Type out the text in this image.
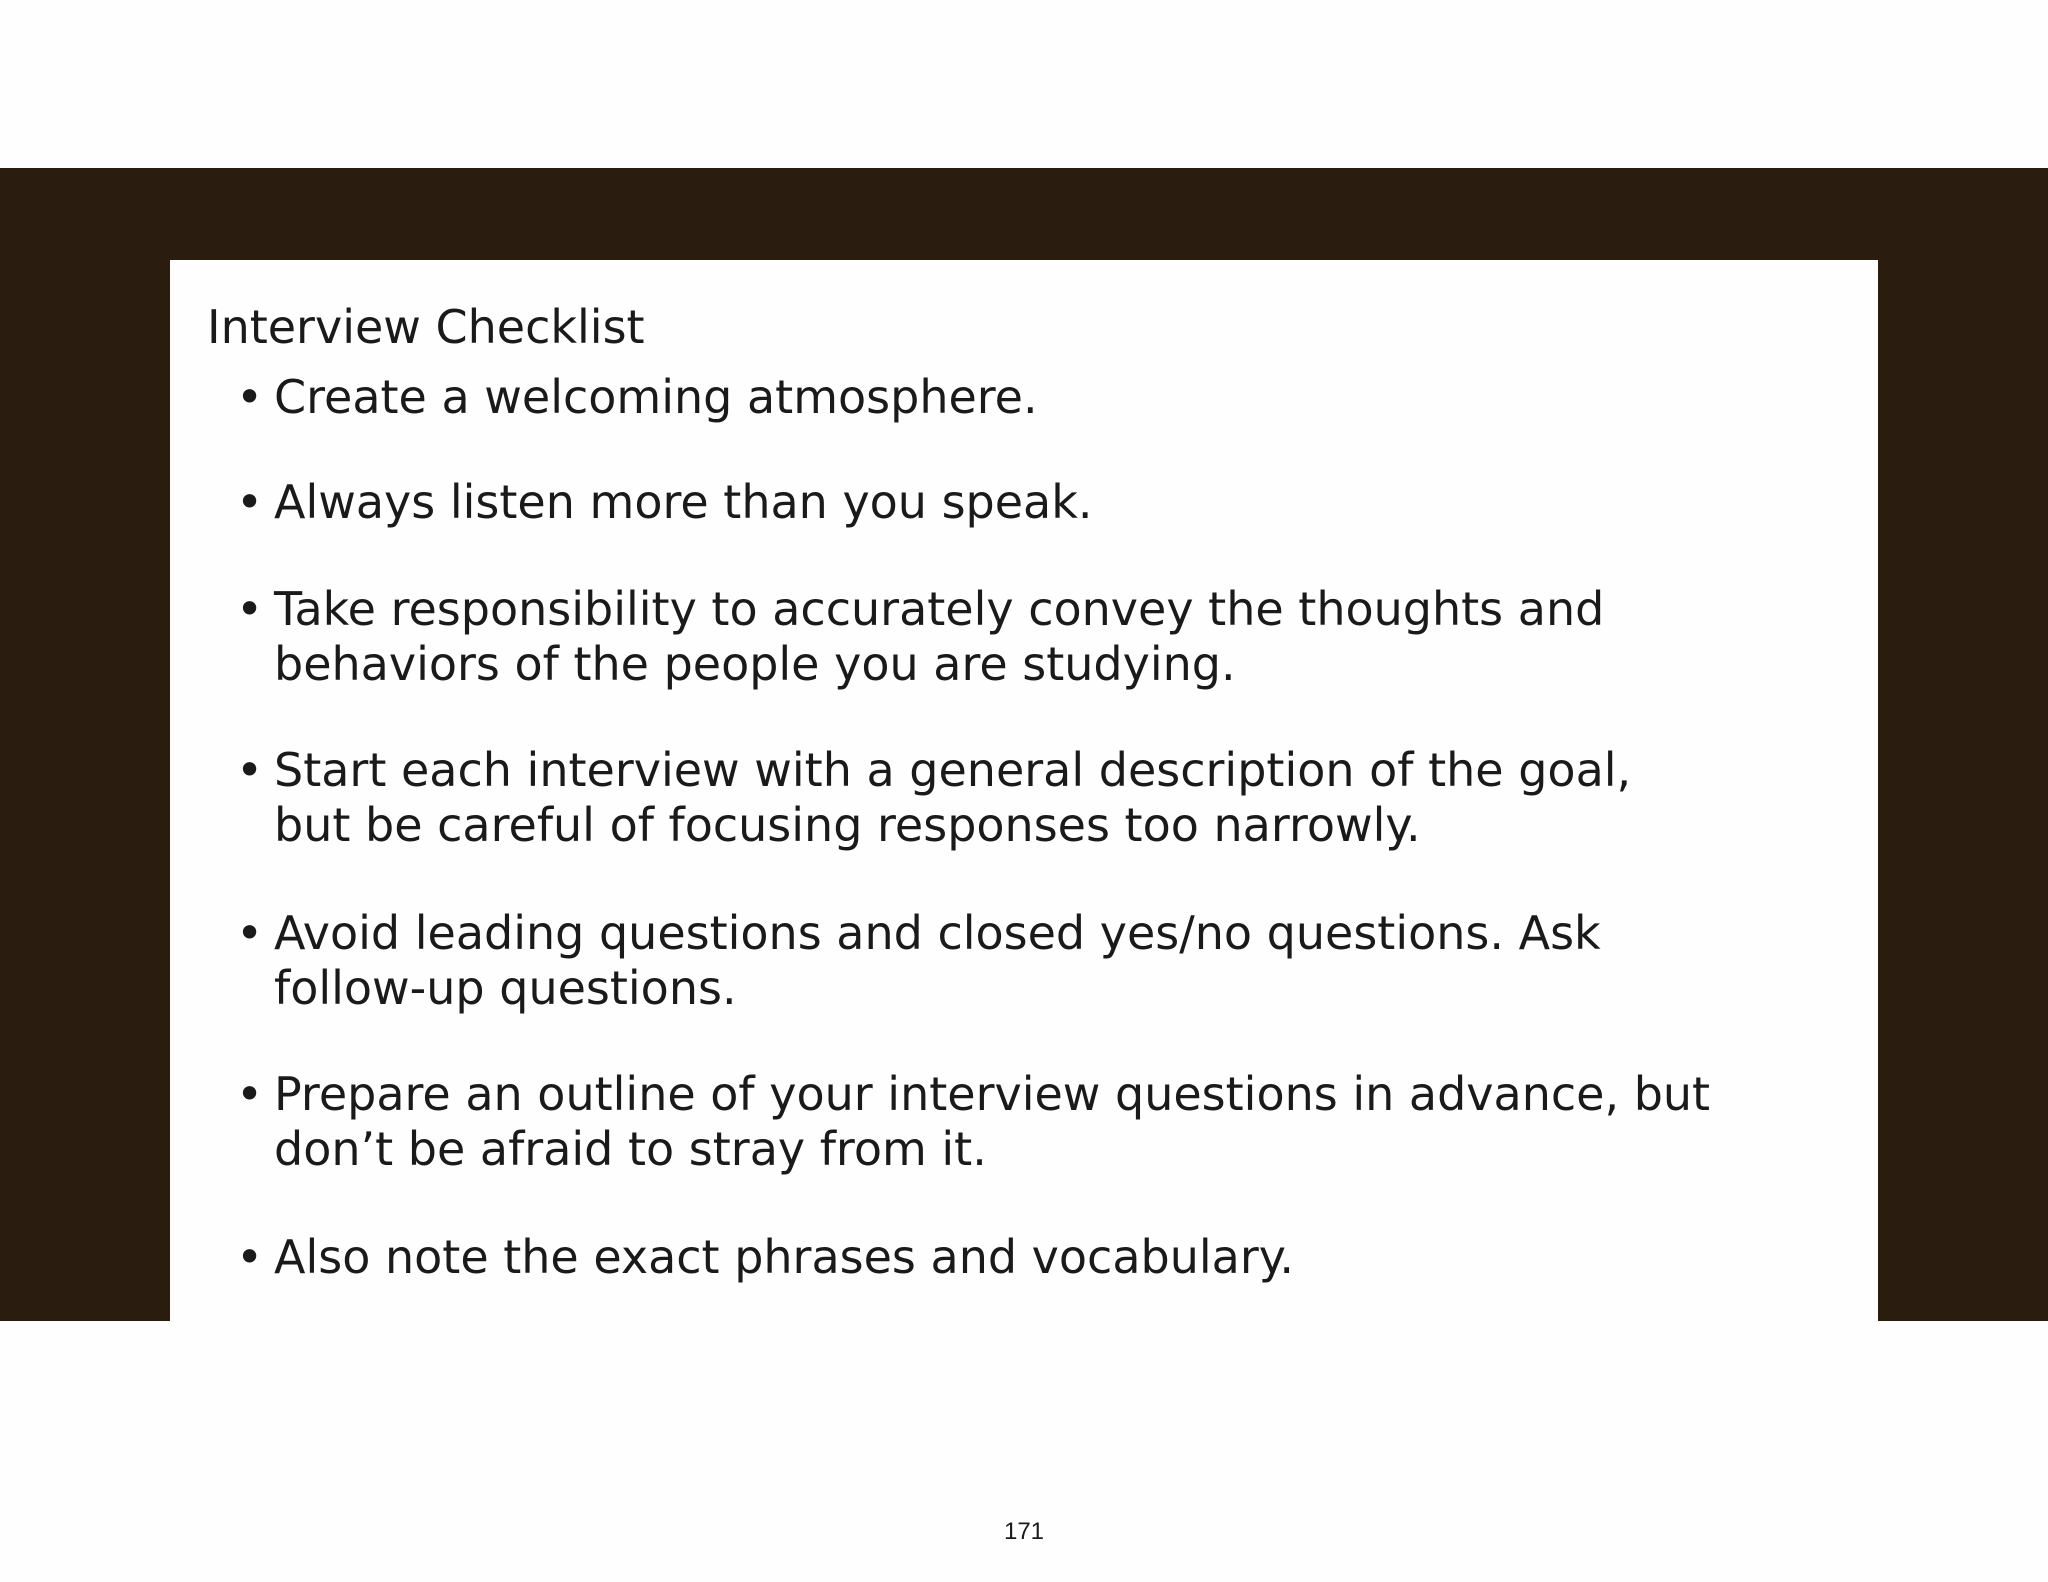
Interview Checklist
• Create a welcoming atmosphere.
• Always listen more than you speak.
• Take responsibility to accurately convey the thoughts and behaviors of the people you are studying.
• Start each interview with a general description of the goal, but be careful of focusing responses too narrowly.
• Avoid leading questions and closed yes/no questions. Ask follow-up questions.
• Prepare an outline of your interview questions in advance, but don’t be afraid to stray from it.
• Also note the exact phrases and vocabulary.
171
